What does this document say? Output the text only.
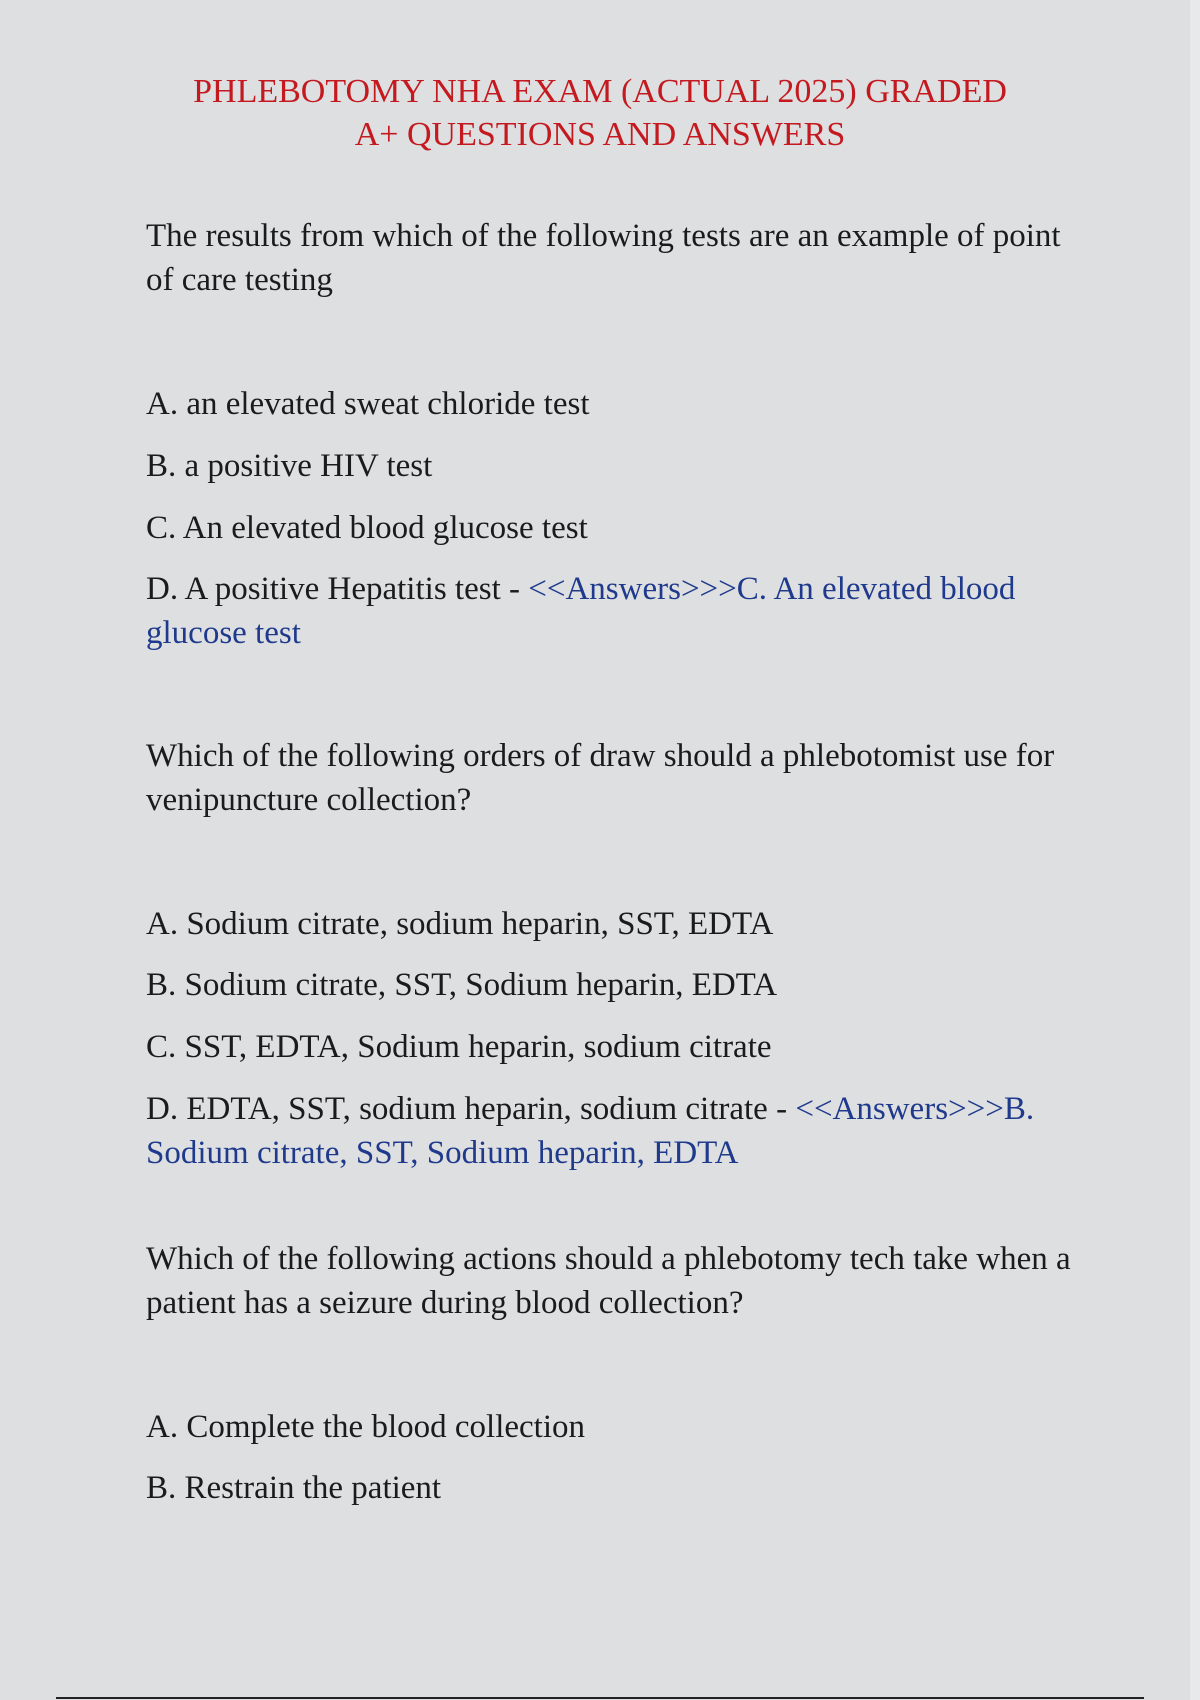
PHLEBOTOMY NHA EXAM (ACTUAL 2025) GRADED
A+ QUESTIONS AND ANSWERS

The results from which of the following tests are an example of point of care testing

A. an elevated sweat chloride test

B. a positive HIV test

C. An elevated blood glucose test

D. A positive Hepatitis test - <<Answers>>>C. An elevated blood glucose test

Which of the following orders of draw should a phlebotomist use for venipuncture collection?

A. Sodium citrate, sodium heparin, SST, EDTA

B. Sodium citrate, SST, Sodium heparin, EDTA

C. SST, EDTA, Sodium heparin, sodium citrate

D. EDTA, SST, sodium heparin, sodium citrate - <<Answers>>>B. Sodium citrate, SST, Sodium heparin, EDTA

Which of the following actions should a phlebotomy tech take when a patient has a seizure during blood collection?

A. Complete the blood collection

B. Restrain the patient
